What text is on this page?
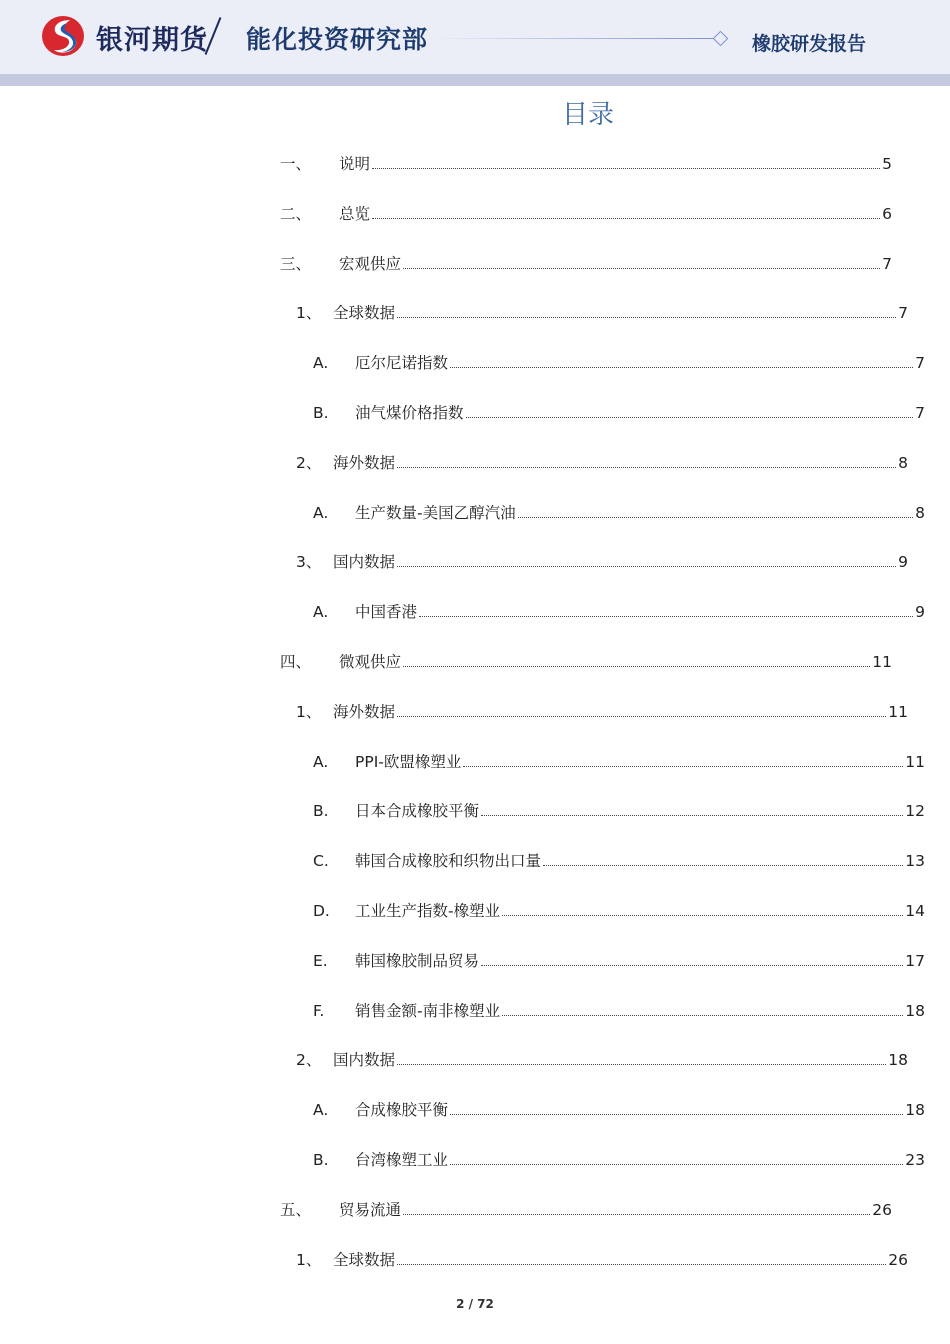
银河期货 能化投资研究部	橡胶研发报告
目录
一、	说明	5
二、	总览	6
三、	宏观供应	7
1、 全球数据	7
A.	厄尔尼诺指数	7
B.	油气煤价格指数	7
2、 海外数据	8
A.	生产数量-美国乙醇汽油	8
3、 国内数据	9
A.	中国香港	9
四、	微观供应	11
1、 海外数据	11
A.	PPI-欧盟橡塑业	11
B.	日本合成橡胶平衡	12
C.	韩国合成橡胶和织物出口量	13
D.	工业生产指数-橡塑业	14
E.	韩国橡胶制品贸易	17
F.	销售金额-南非橡塑业	18
2、 国内数据	18
A.	合成橡胶平衡	18
B.	台湾橡塑工业	23
五、	贸易流通	26
1、 全球数据	26
2 / 72
